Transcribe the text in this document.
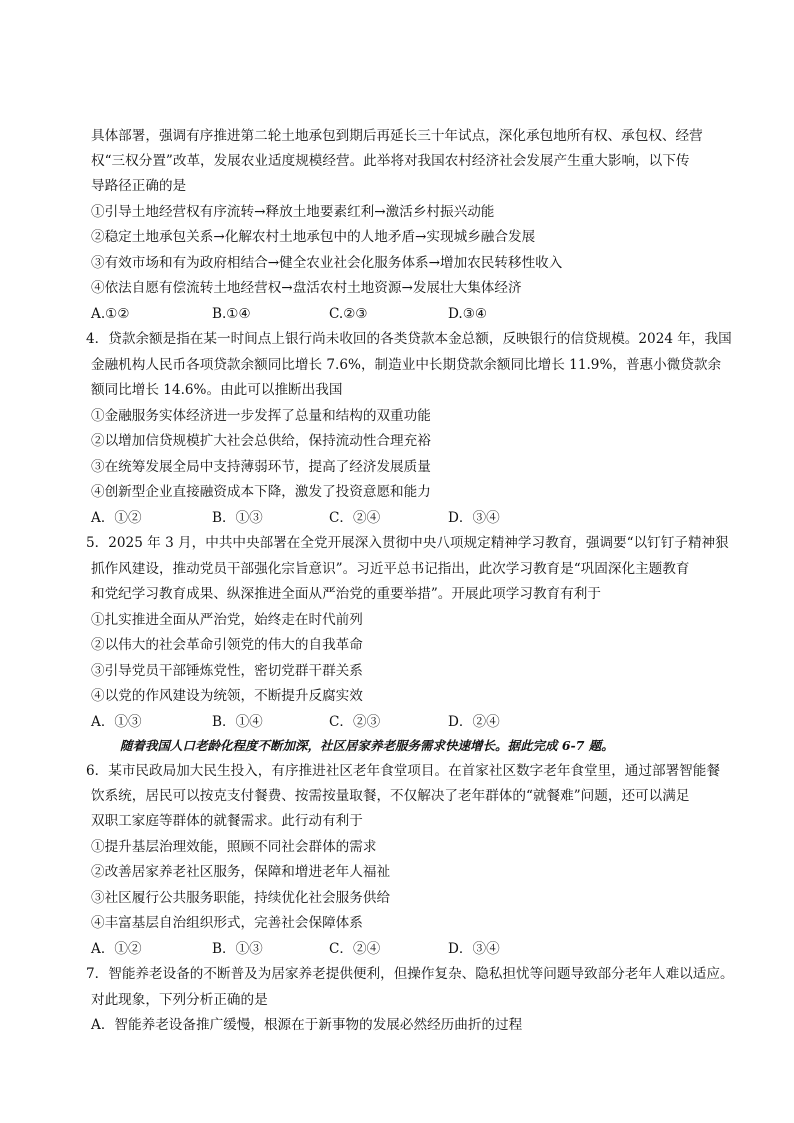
具体部署，强调有序推进第二轮土地承包到期后再延长三十年试点，深化承包地所有权、承包权、经营
权“三权分置”改革，发展农业适度规模经营。此举将对我国农村经济社会发展产生重大影响，以下传
导路径正确的是
①引导土地经营权有序流转→释放土地要素红利→激活乡村振兴动能
②稳定土地承包关系→化解农村土地承包中的人地矛盾→实现城乡融合发展
③有效市场和有为政府相结合→健全农业社会化服务体系→增加农民转移性收入
④依法自愿有偿流转土地经营权→盘活农村土地资源→发展壮大集体经济
A.①②	B.①④	C.②③	D.③④
4．贷款余额是指在某一时间点上银行尚未收回的各类贷款本金总额，反映银行的信贷规模。2024 年，我国
金融机构人民币各项贷款余额同比增长 7.6%，制造业中长期贷款余额同比增长 11.9%，普惠小微贷款余
额同比增长 14.6%。由此可以推断出我国
①金融服务实体经济进一步发挥了总量和结构的双重功能
②以增加信贷规模扩大社会总供给，保持流动性合理充裕
③在统筹发展全局中支持薄弱环节，提高了经济发展质量
④创新型企业直接融资成本下降，激发了投资意愿和能力
A．①②	B．①③	C．②④	D．③④
5．2025 年 3 月，中共中央部署在全党开展深入贯彻中央八项规定精神学习教育，强调要“以钉钉子精神狠
抓作风建设，推动党员干部强化宗旨意识”。习近平总书记指出，此次学习教育是“巩固深化主题教育
和党纪学习教育成果、纵深推进全面从严治党的重要举措”。开展此项学习教育有利于
①扎实推进全面从严治党，始终走在时代前列
②以伟大的社会革命引领党的伟大的自我革命
③引导党员干部锤炼党性，密切党群干群关系
④以党的作风建设为统领，不断提升反腐实效
A．①③	B．①④	C．②③	D．②④
随着我国人口老龄化程度不断加深，社区居家养老服务需求快速增长。据此完成 6-7 题。
6．某市民政局加大民生投入，有序推进社区老年食堂项目。在首家社区数字老年食堂里，通过部署智能餐
饮系统，居民可以按克支付餐费、按需按量取餐，不仅解决了老年群体的“就餐难”问题，还可以满足
双职工家庭等群体的就餐需求。此行动有利于
①提升基层治理效能，照顾不同社会群体的需求
②改善居家养老社区服务，保障和增进老年人福祉
③社区履行公共服务职能，持续优化社会服务供给
④丰富基层自治组织形式，完善社会保障体系
A．①②	B．①③	C．②④	D．③④
7．智能养老设备的不断普及为居家养老提供便利，但操作复杂、隐私担忧等问题导致部分老年人难以适应。
对此现象，下列分析正确的是
A．智能养老设备推广缓慢，根源在于新事物的发展必然经历曲折的过程
